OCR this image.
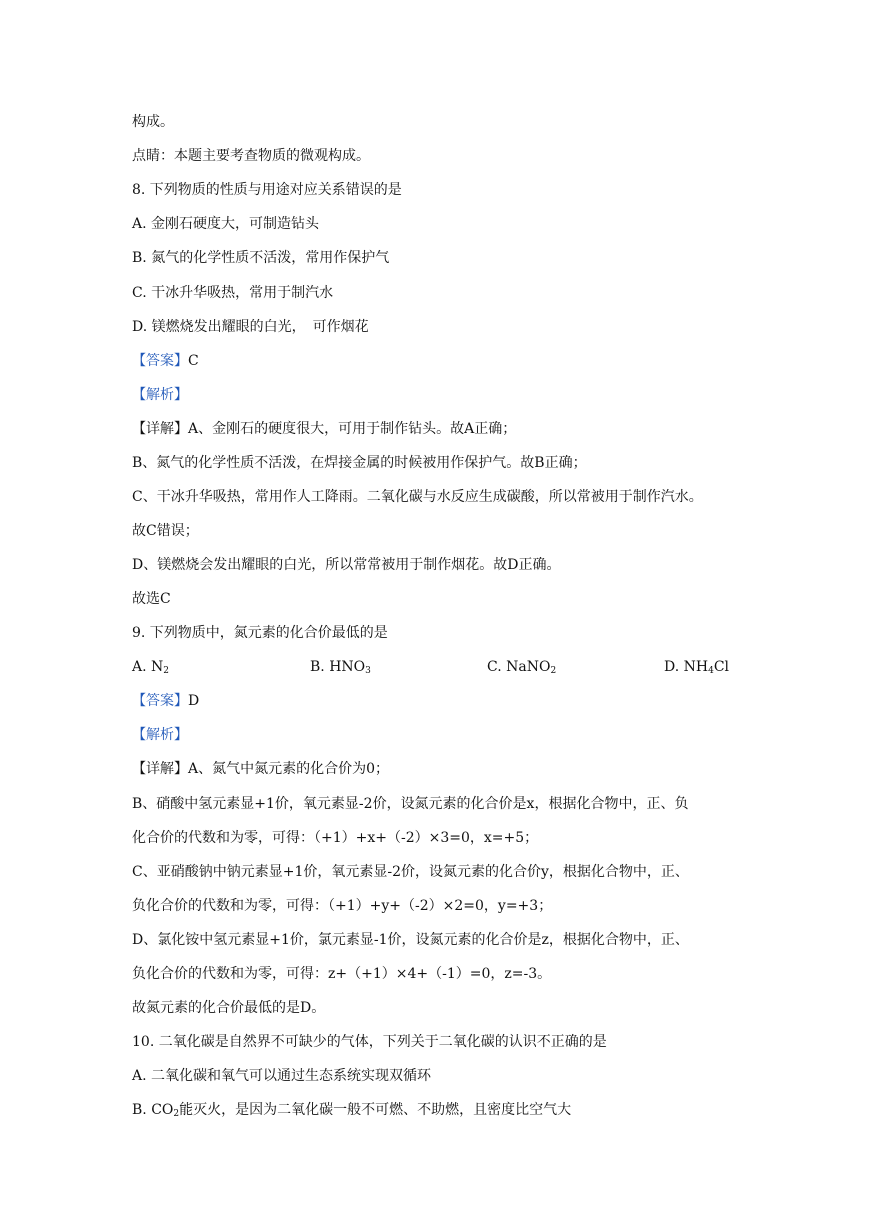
构成。
点睛：本题主要考查物质的微观构成。
8. 下列物质的性质与用途对应关系错误的是
A. 金刚石硬度大，可制造钻头
B. 氮气的化学性质不活泼，常用作保护气
C. 干冰升华吸热，常用于制汽水
D. 镁燃烧发出耀眼的白光，　可作烟花
【答案】C
【解析】
【详解】A、金刚石的硬度很大，可用于制作钻头。故A正确；
B、氮气的化学性质不活泼，在焊接金属的时候被用作保护气。故B正确；
C、干冰升华吸热，常用作人工降雨。二氧化碳与水反应生成碳酸，所以常被用于制作汽水。
故C错误；
D、镁燃烧会发出耀眼的白光，所以常常被用于制作烟花。故D正确。
故选C
9. 下列物质中，氮元素的化合价最低的是
A. $N_2$	B. $HNO_3$	C. NaNO$_2$	D. $NH_4Cl$
【答案】D
【解析】
【详解】A、氮气中氮元素的化合价为0；
B、硝酸中氢元素显+1价，氧元素显-2价，设氮元素的化合价是x，根据化合物中，正、负
化合价的代数和为零，可得：（+1）+x+（-2）×3=0，x=+5；
C、亚硝酸钠中钠元素显+1价，氧元素显-2价，设氮元素的化合价y，根据化合物中，正、
负化合价的代数和为零，可得：（+1）+y+（-2）×2=0，y=+3；
D、氯化铵中氢元素显+1价，氯元素显-1价，设氮元素的化合价是z，根据化合物中，正、
负化合价的代数和为零，可得：z+（+1）×4+（-1）=0，z=-3。
故氮元素的化合价最低的是D。
10. 二氧化碳是自然界不可缺少的气体，下列关于二氧化碳的认识不正确的是
A. 二氧化碳和氧气可以通过生态系统实现双循环
B. $CO_2$能灭火，是因为二氧化碳一般不可燃、不助燃，且密度比空气大
